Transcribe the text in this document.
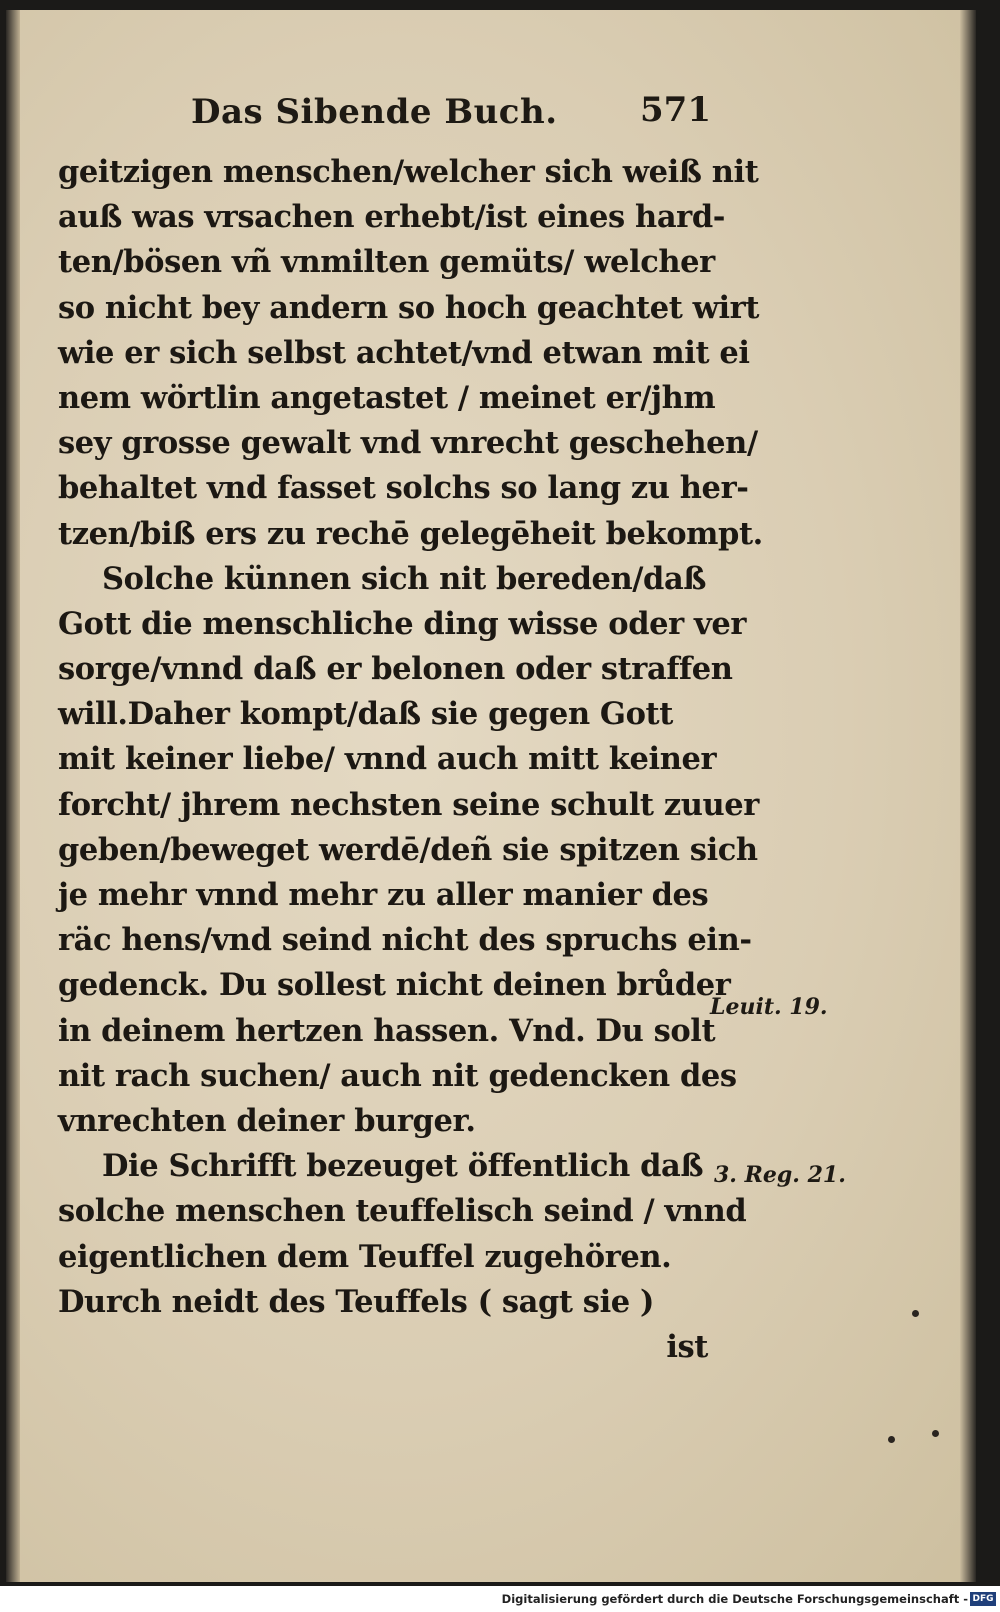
Das Sibende Buch. 571
geitzigen menschen/welcher sich weiß nit
auß was vrsachen erhebt/ist eines hard-
ten/bösen vñ vnmilten gemüts/ welcher
so nicht bey andern so hoch geachtet wirt
wie er sich selbst achtet/vnd etwan mit ei
nem wörtlin angetastet / meinet er/jhm
sey grosse gewalt vnd vnrecht geschehen/
behaltet vnd fasset solchs so lang zu her-
tzen/biß ers zu rechē gelegēheit bekompt.
Solche künnen sich nit bereden/daß
Gott die menschliche ding wisse oder ver
sorge/vnnd daß er belonen oder straffen
will.Daher kompt/daß sie gegen Gott
mit keiner liebe/ vnnd auch mitt keiner
forcht/ jhrem nechsten seine schult zuuer
geben/beweget werdē/deñ sie spitzen sich
je mehr vnnd mehr zu aller manier des
räc hens/vnd seind nicht des spruchs ein-
gedenck. Du sollest nicht deinen brůder
in deinem hertzen hassen. Vnd. Du solt
nit rach suchen/ auch nit gedencken des
vnrechten deiner burger.
Die Schrifft bezeuget öffentlich daß
solche menschen teuffelisch seind / vnnd
eigentlichen dem Teuffel zugehören.
Durch neidt des Teuffels ( sagt sie )
ist
Leuit. 19.
3. Reg. 21.
Digitalisierung gefördert durch die Deutsche Forschungsgemeinschaft - DFG
